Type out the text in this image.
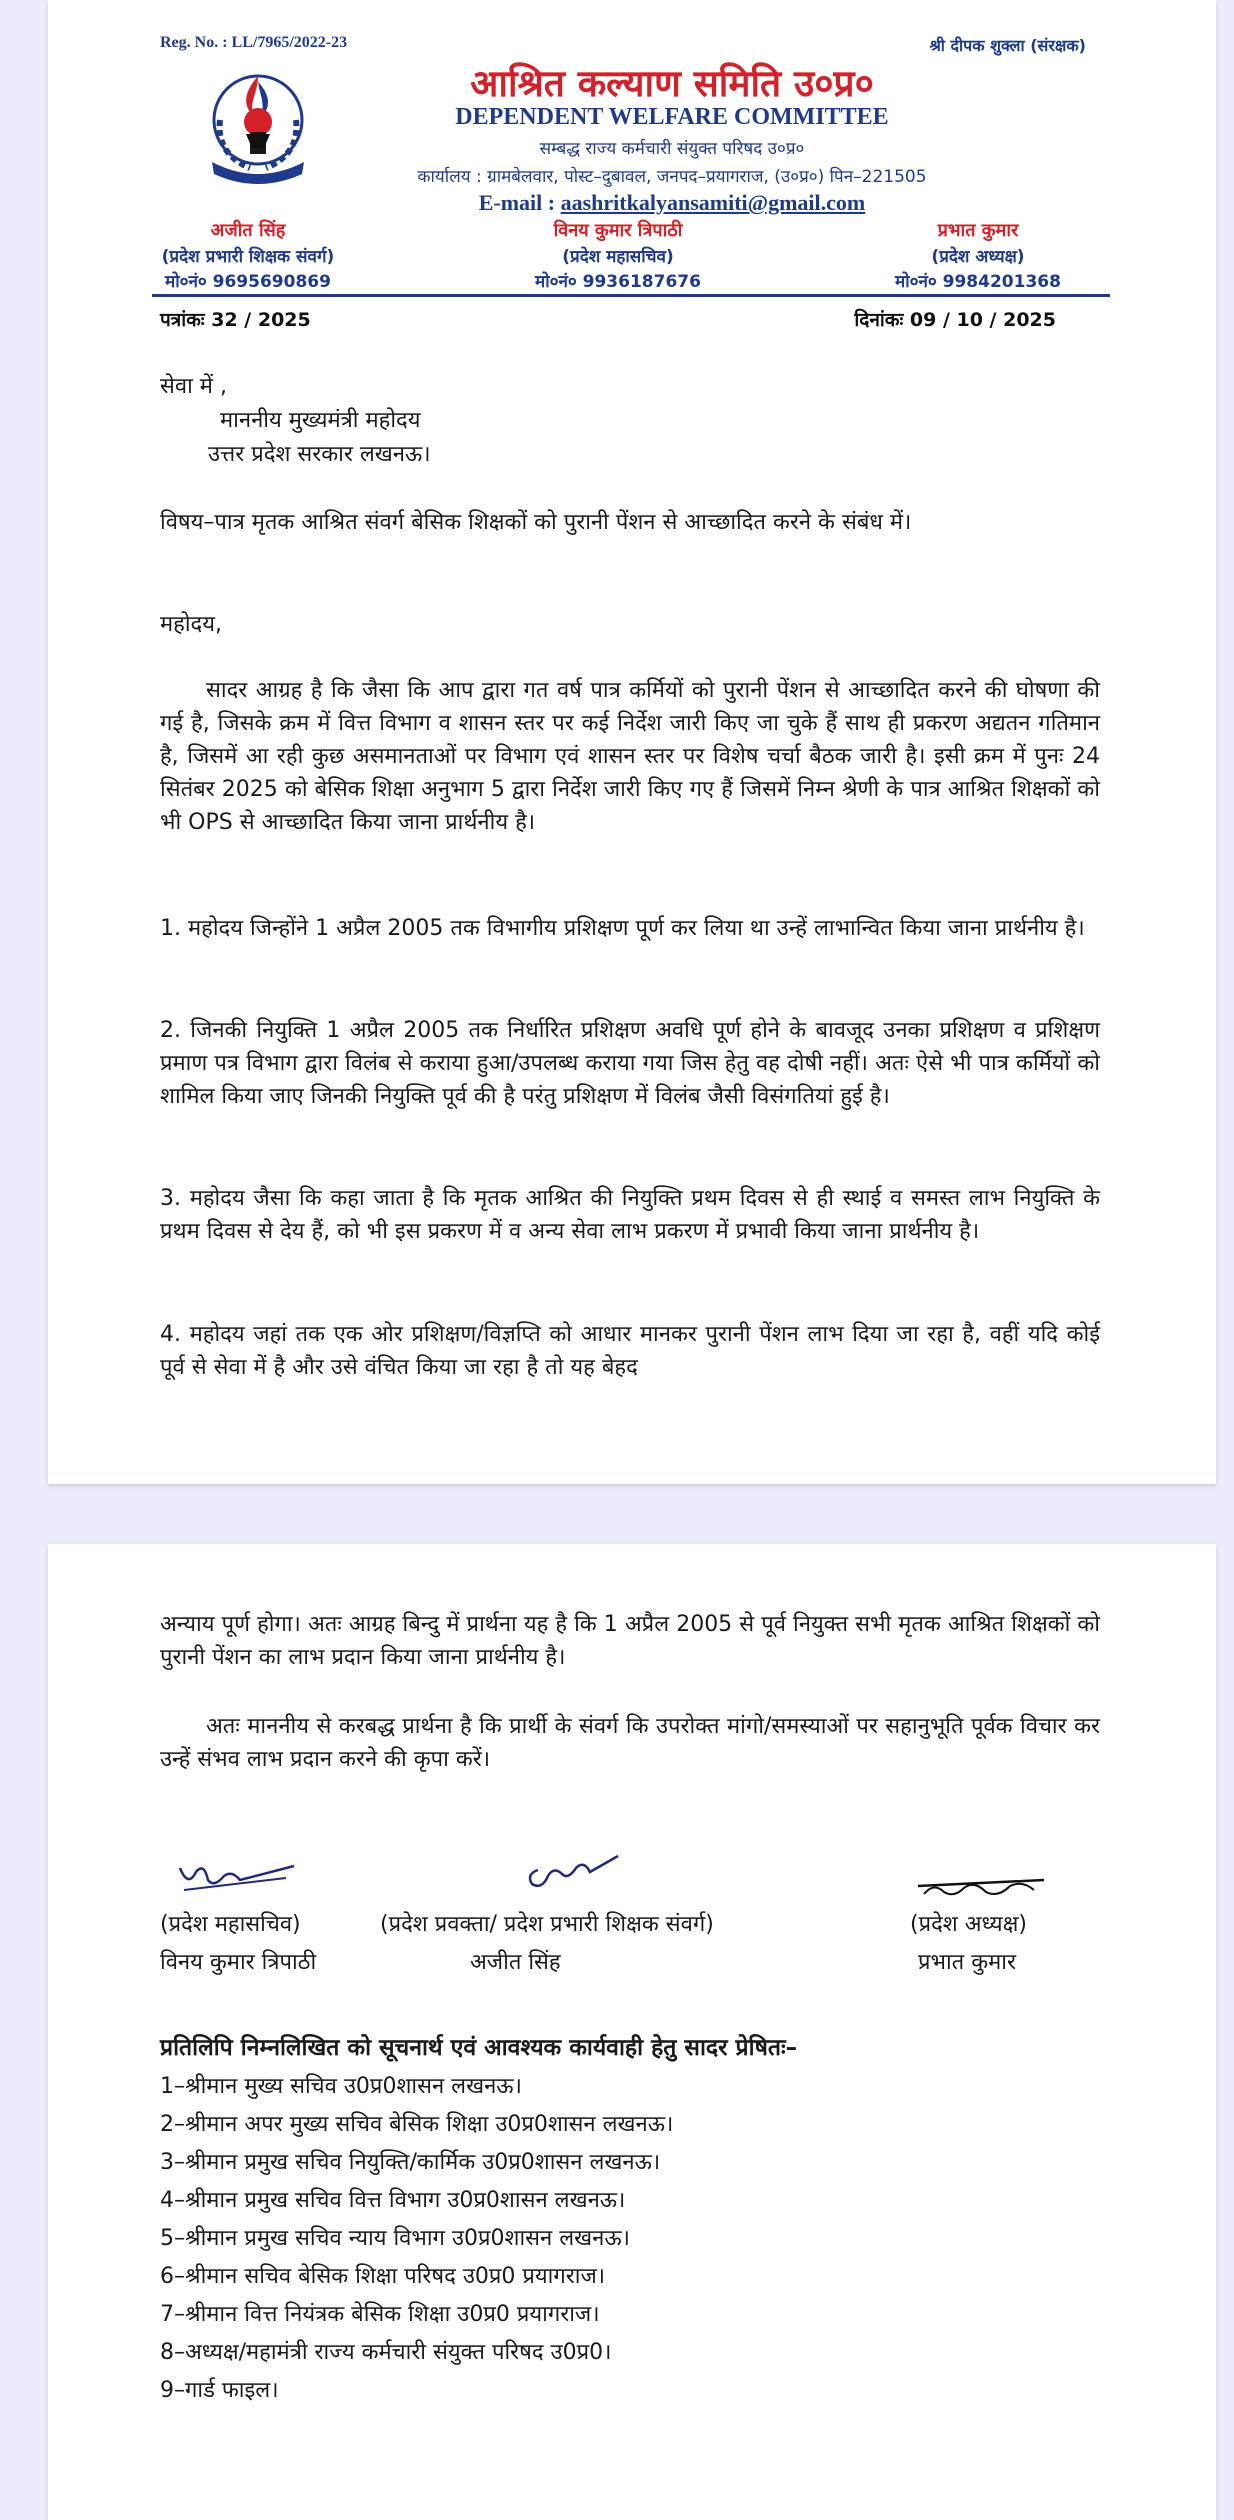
Reg. No. : LL/7965/2022-23	श्री दीपक शुक्ला (संरक्षक)
आश्रित कल्याण समिति उ०प्र०
DEPENDENT WELFARE COMMITTEE
सम्बद्ध राज्य कर्मचारी संयुक्त परिषद उ०प्र०
कार्यालय : ग्रामबेलवार, पोस्ट–दुबावल, जनपद–प्रयागराज, (उ०प्र०) पिन–221505
E-mail : aashritkalyansamiti@gmail.com
अजीत सिंह
(प्रदेश प्रभारी शिक्षक संवर्ग)
मो०नं० 9695690869
विनय कुमार त्रिपाठी
(प्रदेश महासचिव)
मो०नं० 9936187676
प्रभात कुमार
(प्रदेश अध्यक्ष)
मो०नं० 9984201368
पत्रांकः 32 / 2025	दिनांकः 09 / 10 / 2025
सेवा में ,
माननीय मुख्यमंत्री महोदय
उत्तर प्रदेश सरकार लखनऊ।
विषय–पात्र मृतक आश्रित संवर्ग बेसिक शिक्षकों को पुरानी पेंशन से आच्छादित करने के संबंध में।
महोदय,
सादर आग्रह है कि जैसा कि आप द्वारा गत वर्ष पात्र कर्मियों को पुरानी पेंशन से आच्छादित करने की घोषणा की गई है, जिसके क्रम में वित्त विभाग व शासन स्तर पर कई निर्देश जारी किए जा चुके हैं साथ ही प्रकरण अद्यतन गतिमान है, जिसमें आ रही कुछ असमानताओं पर विभाग एवं शासन स्तर पर विशेष चर्चा बैठक जारी है। इसी क्रम में पुनः 24 सितंबर 2025 को बेसिक शिक्षा अनुभाग 5 द्वारा निर्देश जारी किए गए हैं जिसमें निम्न श्रेणी के पात्र आश्रित शिक्षकों को भी OPS से आच्छादित किया जाना प्रार्थनीय है।
1. महोदय जिन्होंने 1 अप्रैल 2005 तक विभागीय प्रशिक्षण पूर्ण कर लिया था उन्हें लाभान्वित किया जाना प्रार्थनीय है।
2. जिनकी नियुक्ति 1 अप्रैल 2005 तक निर्धारित प्रशिक्षण अवधि पूर्ण होने के बावजूद उनका प्रशिक्षण व प्रशिक्षण प्रमाण पत्र विभाग द्वारा विलंब से कराया हुआ/उपलब्ध कराया गया जिस हेतु वह दोषी नहीं। अतः ऐसे भी पात्र कर्मियों को शामिल किया जाए जिनकी नियुक्ति पूर्व की है परंतु प्रशिक्षण में विलंब जैसी विसंगतियां हुई है।
3. महोदय जैसा कि कहा जाता है कि मृतक आश्रित की नियुक्ति प्रथम दिवस से ही स्थाई व समस्त लाभ नियुक्ति के प्रथम दिवस से देय हैं, को भी इस प्रकरण में व अन्य सेवा लाभ प्रकरण में प्रभावी किया जाना प्रार्थनीय है।
4. महोदय जहां तक एक ओर प्रशिक्षण/विज्ञप्ति को आधार मानकर पुरानी पेंशन लाभ दिया जा रहा है, वहीं यदि कोई पूर्व से सेवा में है और उसे वंचित किया जा रहा है तो यह बेहद
अन्याय पूर्ण होगा। अतः आग्रह बिन्दु में प्रार्थना यह है कि 1 अप्रैल 2005 से पूर्व नियुक्त सभी मृतक आश्रित शिक्षकों को पुरानी पेंशन का लाभ प्रदान किया जाना प्रार्थनीय है।
अतः माननीय से करबद्ध प्रार्थना है कि प्रार्थी के संवर्ग कि उपरोक्त मांगो/समस्याओं पर सहानुभूति पूर्वक विचार कर उन्हें संभव लाभ प्रदान करने की कृपा करें।
(प्रदेश महासचिव)
विनय कुमार त्रिपाठी
(प्रदेश प्रवक्ता/ प्रदेश प्रभारी शिक्षक संवर्ग)
अजीत सिंह
(प्रदेश अध्यक्ष)
प्रभात कुमार
प्रतिलिपि निम्नलिखित को सूचनार्थ एवं आवश्यक कार्यवाही हेतु सादर प्रेषितः–
1–श्रीमान मुख्य सचिव उ0प्र0शासन लखनऊ।
2–श्रीमान अपर मुख्य सचिव बेसिक शिक्षा उ0प्र0शासन लखनऊ।
3–श्रीमान प्रमुख सचिव नियुक्ति/कार्मिक उ0प्र0शासन लखनऊ।
4–श्रीमान प्रमुख सचिव वित्त विभाग उ0प्र0शासन लखनऊ।
5–श्रीमान प्रमुख सचिव न्याय विभाग उ0प्र0शासन लखनऊ।
6–श्रीमान सचिव बेसिक शिक्षा परिषद उ0प्र0 प्रयागराज।
7–श्रीमान वित्त नियंत्रक बेसिक शिक्षा उ0प्र0 प्रयागराज।
8–अध्यक्ष/महामंत्री राज्य कर्मचारी संयुक्त परिषद उ0प्र0।
9–गार्ड फाइल।
